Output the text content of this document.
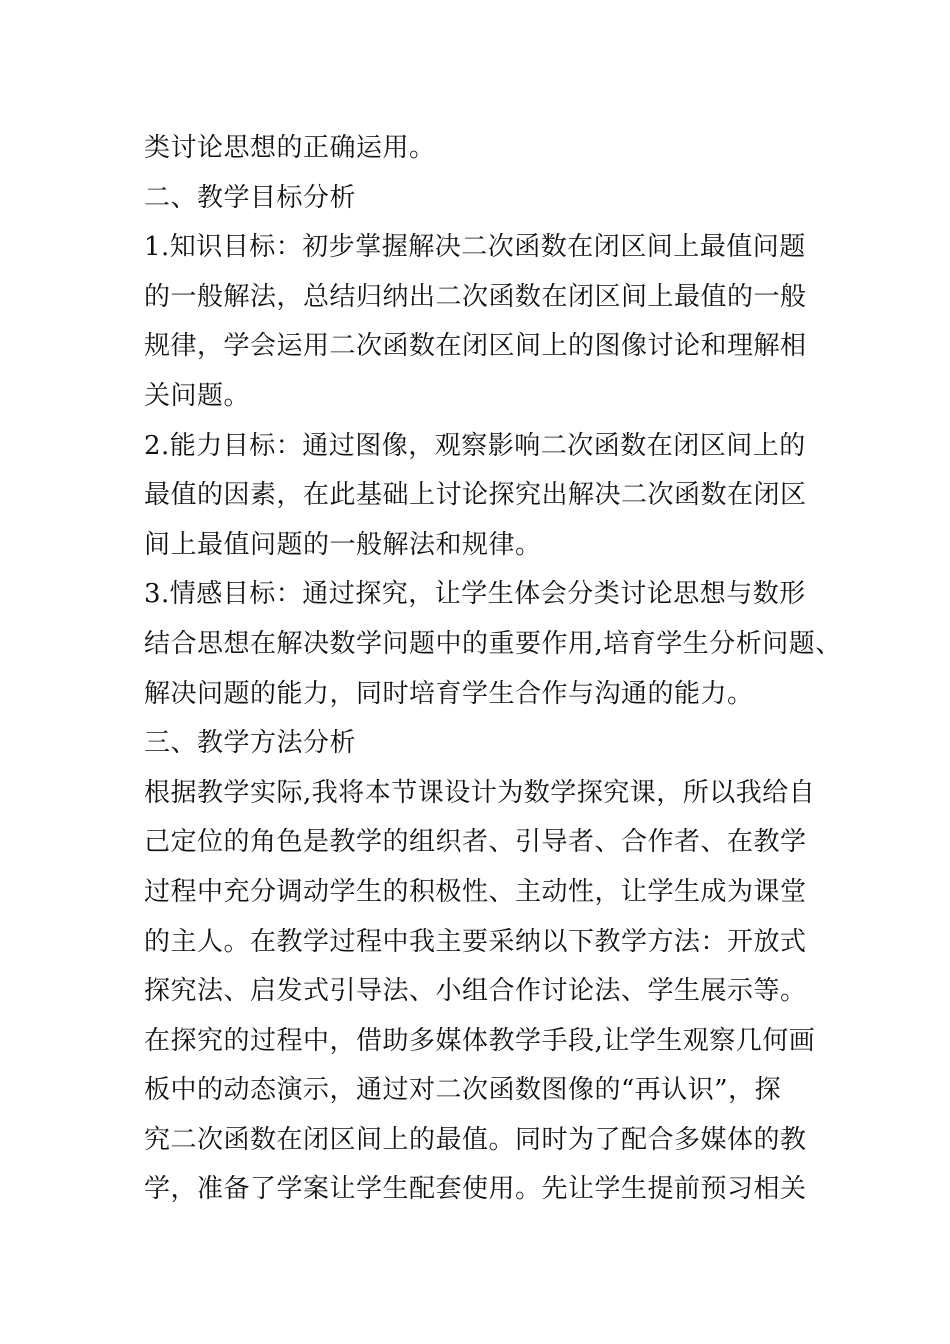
类讨论思想的正确运用。
二、教学目标分析
1.知识目标：初步掌握解决二次函数在闭区间上最值问题
的一般解法，总结归纳出二次函数在闭区间上最值的一般
规律，学会运用二次函数在闭区间上的图像讨论和理解相
关问题。
2.能力目标：通过图像，观察影响二次函数在闭区间上的
最值的因素，在此基础上讨论探究出解决二次函数在闭区
间上最值问题的一般解法和规律。
3.情感目标：通过探究，让学生体会分类讨论思想与数形
结合思想在解决数学问题中的重要作用,培育学生分析问题、
解决问题的能力，同时培育学生合作与沟通的能力。
三、教学方法分析
根据教学实际,我将本节课设计为数学探究课，所以我给自
己定位的角色是教学的组织者、引导者、合作者、在教学
过程中充分调动学生的积极性、主动性，让学生成为课堂
的主人。在教学过程中我主要采纳以下教学方法：开放式
探究法、启发式引导法、小组合作讨论法、学生展示等。
在探究的过程中，借助多媒体教学手段,让学生观察几何画
板中的动态演示，通过对二次函数图像的“再认识”，探
究二次函数在闭区间上的最值。同时为了配合多媒体的教
学，准备了学案让学生配套使用。先让学生提前预习相关
